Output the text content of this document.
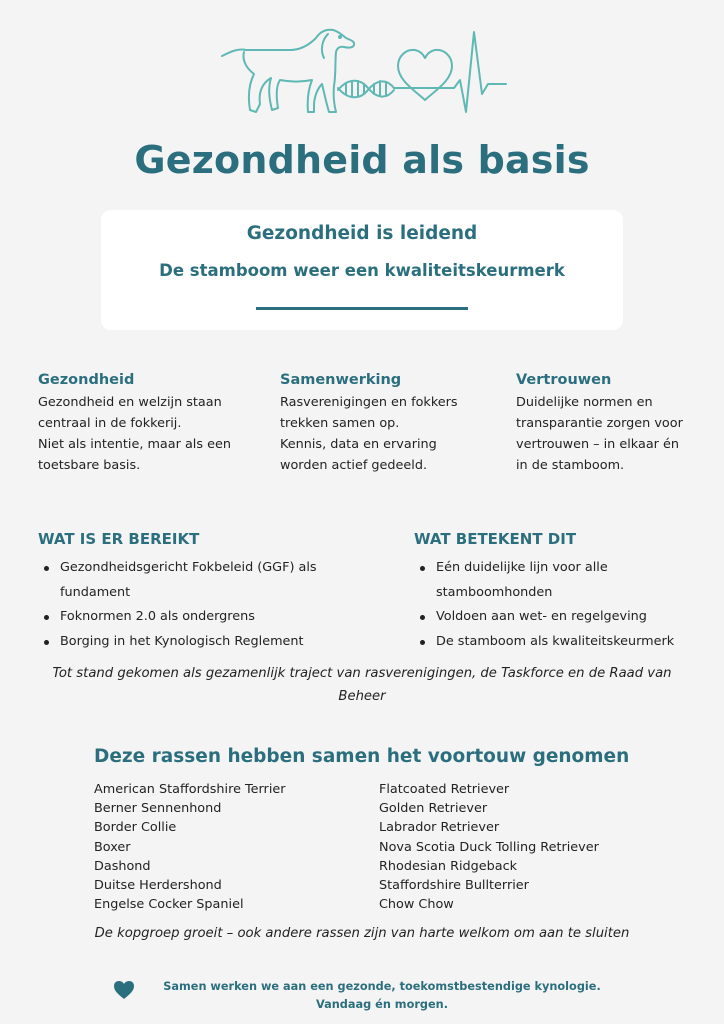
Gezondheid als basis
Gezondheid is leidend
De stamboom weer een kwaliteitskeurmerk
Gezondheid

Gezondheid en welzijn staan
centraal in de fokkerij.
Niet als intentie, maar als een
toetsbare basis.

Samenwerking

Rasverenigingen en fokkers
trekken samen op.
Kennis, data en ervaring
worden actief gedeeld.

Vertrouwen

Duidelijke normen en
transparantie zorgen voor
vertrouwen – in elkaar én
in de stamboom.

WAT IS ER BEREIKT
Gezondheidsgericht Fokbeleid (GGF) als fundament
Foknormen 2.0 als ondergrens
Borging in het Kynologisch Reglement
WAT BETEKENT DIT
Eén duidelijke lijn voor alle stamboomhonden
Voldoen aan wet- en regelgeving
De stamboom als kwaliteitskeurmerk

Tot stand gekomen als gezamenlijk traject van rasverenigingen, de Taskforce en de Raad van Beheer

Deze rassen hebben samen het voortouw genomen
American Staffordshire Terrier
Berner Sennenhond
Border Collie
Boxer
Dashond
Duitse Herdershond
Engelse Cocker Spaniel
Flatcoated Retriever
Golden Retriever
Labrador Retriever
Nova Scotia Duck Tolling Retriever
Rhodesian Ridgeback
Staffordshire Bullterrier
Chow Chow

De kopgroep groeit – ook andere rassen zijn van harte welkom om aan te sluiten

Samen werken we aan een gezonde, toekomstbestendige kynologie.
Vandaag én morgen.
